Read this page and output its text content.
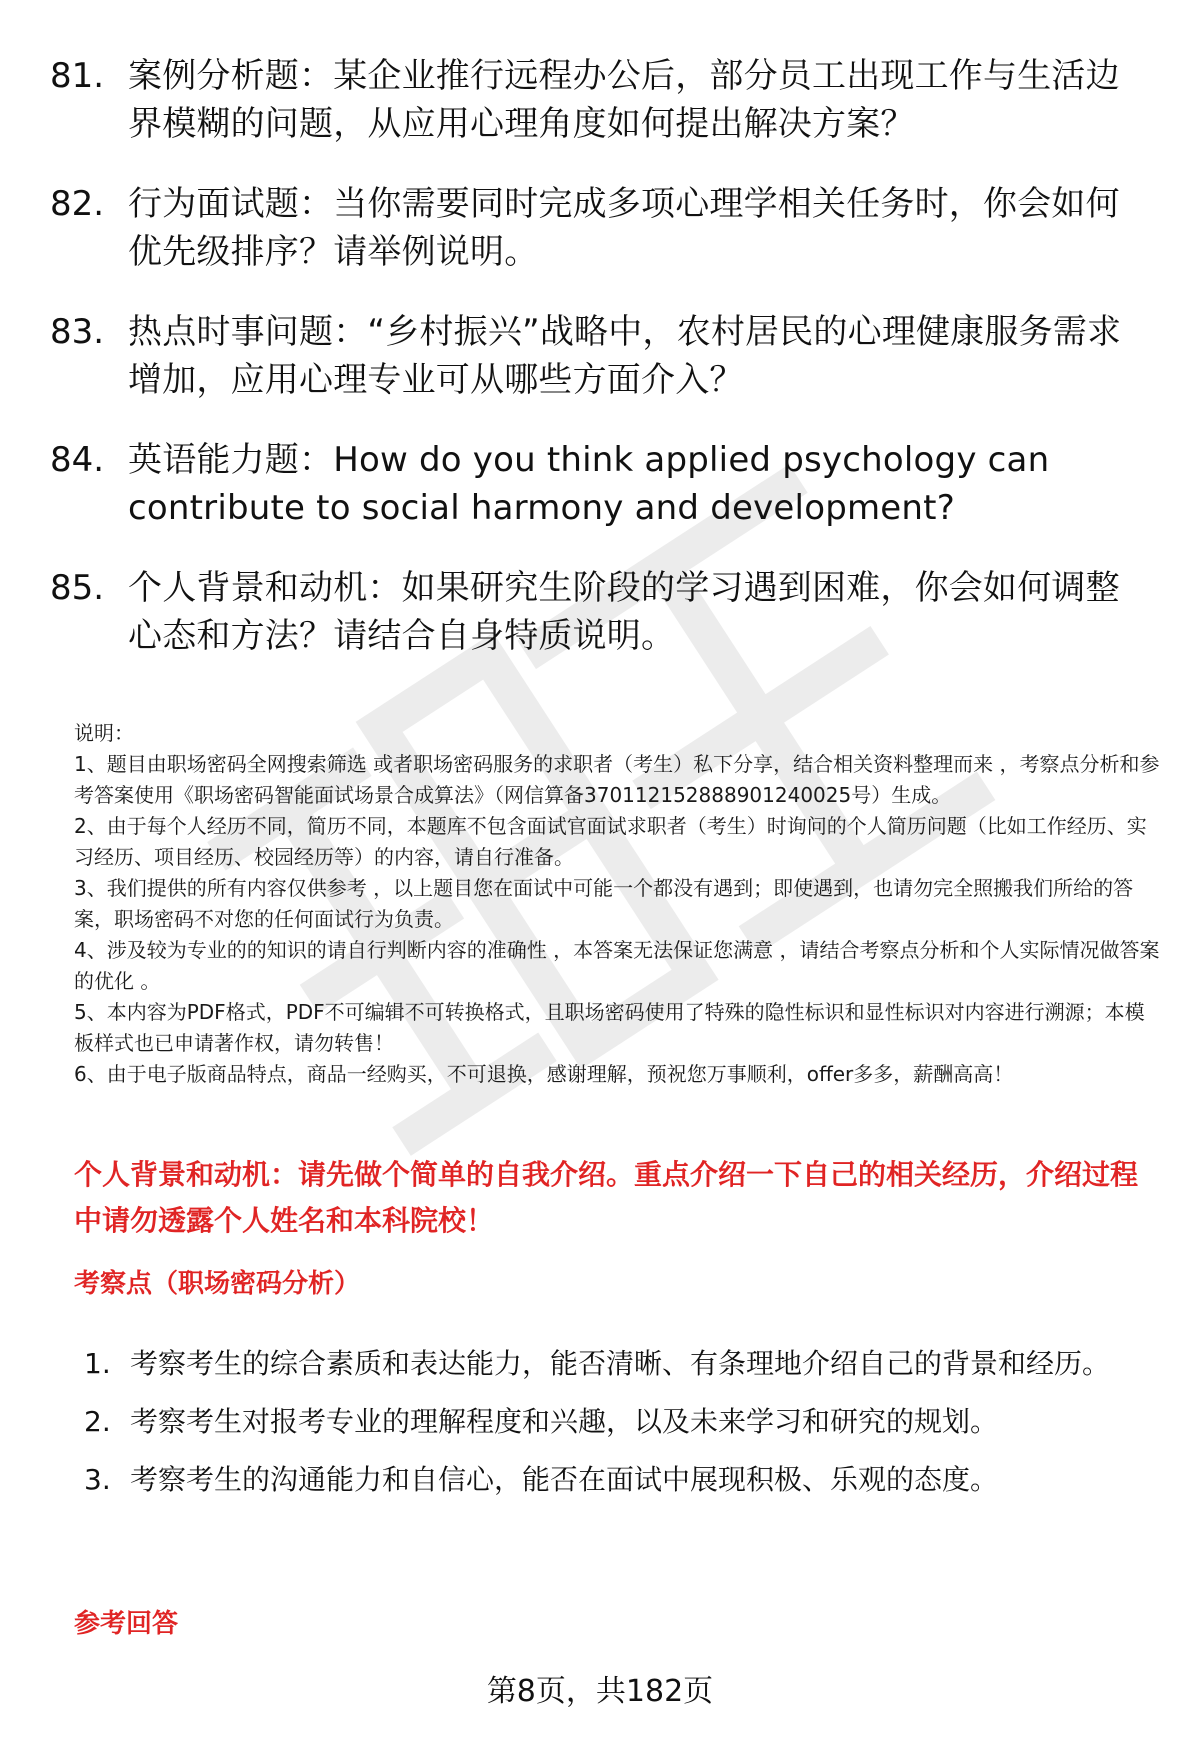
81. 案例分析题：某企业推行远程办公后，部分员工出现工作与生活边界模糊的问题，从应用心理角度如何提出解决方案？
82. 行为面试题：当你需要同时完成多项心理学相关任务时，你会如何优先级排序？请举例说明。
83. 热点时事问题：“乡村振兴”战略中，农村居民的心理健康服务需求增加，应用心理专业可从哪些方面介入？
84. 英语能力题：How do you think applied psychology can contribute to social harmony and development?
85. 个人背景和动机：如果研究生阶段的学习遇到困难，你会如何调整心态和方法？请结合自身特质说明。

说明：

1、题目由职场密码全网搜索筛选 或者职场密码服务的求职者（考生）私下分享，结合相关资料整理而来 ，考察点分析和参考答案使用《职场密码智能面试场景合成算法》（网信算备370112152888901240025号）生成。

2、由于每个人经历不同，简历不同，本题库不包含面试官面试求职者（考生）时询问的个人简历问题（比如工作经历、实习经历、项目经历、校园经历等）的内容，请自行准备。

3、我们提供的所有内容仅供参考 ，以上题目您在面试中可能一个都没有遇到；即使遇到，也请勿完全照搬我们所给的答案，职场密码不对您的任何面试行为负责。

4、涉及较为专业的的知识的请自行判断内容的准确性 ，本答案无法保证您满意 ，请结合考察点分析和个人实际情况做答案的优化 。

5、本内容为PDF格式，PDF不可编辑不可转换格式，且职场密码使用了特殊的隐性标识和显性标识对内容进行溯源；本模板样式也已申请著作权，请勿转售！

6、由于电子版商品特点，商品一经购买，不可退换，感谢理解，预祝您万事顺利，offer多多，薪酬高高！

个人背景和动机：请先做个简单的自我介绍。重点介绍一下自己的相关经历，介绍过程中请勿透露个人姓名和本科院校！
考察点（职场密码分析）
1. 考察考生的综合素质和表达能力，能否清晰、有条理地介绍自己的背景和经历。
2. 考察考生对报考专业的理解程度和兴趣，以及未来学习和研究的规划。
3. 考察考生的沟通能力和自信心，能否在面试中展现积极、乐观的态度。
参考回答
第8页，共182页
